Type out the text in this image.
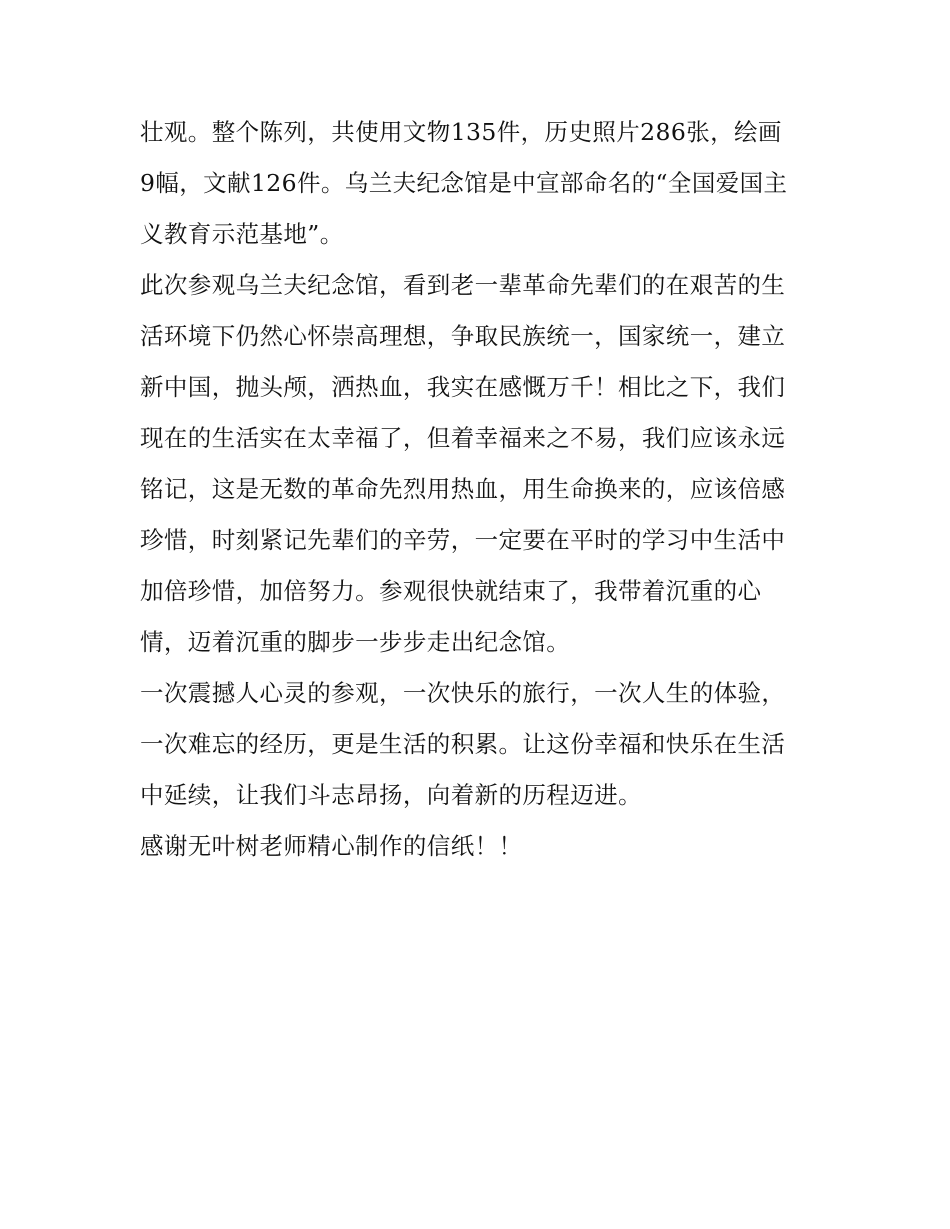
壮观。整个陈列，共使用文物135件，历史照片286张，绘画
9幅，文献126件。乌兰夫纪念馆是中宣部命名的“全国爱国主
义教育示范基地”。
此次参观乌兰夫纪念馆，看到老一辈革命先辈们的在艰苦的生
活环境下仍然心怀崇高理想，争取民族统一，国家统一，建立
新中国，抛头颅，洒热血，我实在感慨万千！相比之下，我们
现在的生活实在太幸福了，但着幸福来之不易，我们应该永远
铭记，这是无数的革命先烈用热血，用生命换来的，应该倍感
珍惜，时刻紧记先辈们的辛劳，一定要在平时的学习中生活中
加倍珍惜，加倍努力。参观很快就结束了，我带着沉重的心
情，迈着沉重的脚步一步步走出纪念馆。
一次震撼人心灵的参观，一次快乐的旅行，一次人生的体验，
一次难忘的经历，更是生活的积累。让这份幸福和快乐在生活
中延续，让我们斗志昂扬，向着新的历程迈进。
感谢无叶树老师精心制作的信纸！！
